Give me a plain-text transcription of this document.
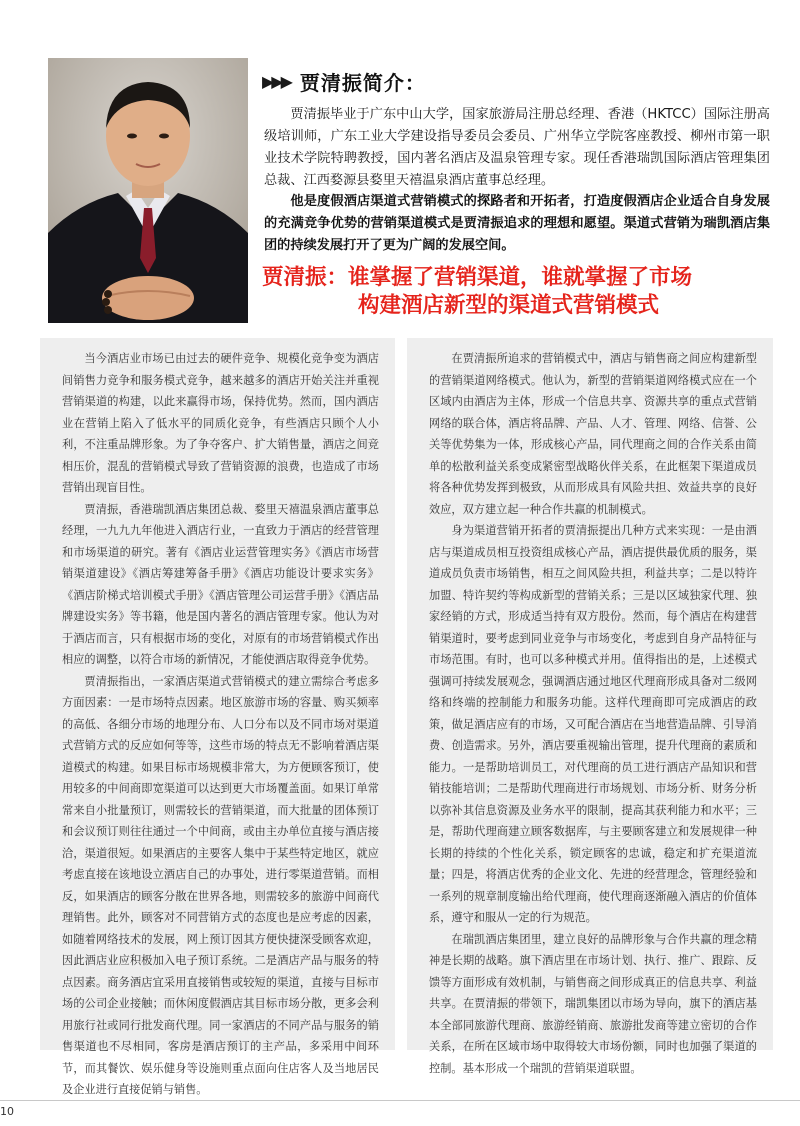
▶▶▶ 贾清振简介：

贾清振毕业于广东中山大学，国家旅游局注册总经理、香港（HKTCC）国际注册高级培训师，广东工业大学建设指导委员会委员、广州华立学院客座教授、柳州市第一职业技术学院特聘教授，国内著名酒店及温泉管理专家。现任香港瑞凯国际酒店管理集团总裁、江西婺源县婺里天禧温泉酒店董事总经理。

他是度假酒店渠道式营销模式的探路者和开拓者，打造度假酒店企业适合自身发展的充满竞争优势的营销渠道模式是贾清振追求的理想和愿望。渠道式营销为瑞凯酒店集团的持续发展打开了更为广阔的发展空间。

贾清振：谁掌握了营销渠道，谁就掌握了市场
构建酒店新型的渠道式营销模式

当今酒店业市场已由过去的硬件竞争、规模化竞争变为酒店间销售力竞争和服务模式竞争，越来越多的酒店开始关注并重视营销渠道的构建，以此来赢得市场，保持优势。然而，国内酒店业在营销上陷入了低水平的同质化竞争，有些酒店只顾个人小利，不注重品牌形象。为了争夺客户、扩大销售量，酒店之间竞相压价，混乱的营销模式导致了营销资源的浪费，也造成了市场营销出现盲目性。

贾清振，香港瑞凯酒店集团总裁、婺里天禧温泉酒店董事总经理，一九九九年他进入酒店行业，一直致力于酒店的经营管理和市场渠道的研究。著有《酒店业运营管理实务》《酒店市场营销渠道建设》《酒店筹建筹备手册》《酒店功能设计要求实务》《酒店阶梯式培训模式手册》《酒店管理公司运营手册》《酒店品牌建设实务》等书籍，他是国内著名的酒店管理专家。他认为对于酒店而言，只有根据市场的变化，对原有的市场营销模式作出相应的调整，以符合市场的新情况，才能使酒店取得竞争优势。

贾清振指出，一家酒店渠道式营销模式的建立需综合考虑多方面因素：一是市场特点因素。地区旅游市场的容量、购买频率的高低、各细分市场的地理分布、人口分布以及不同市场对渠道式营销方式的反应如何等等，这些市场的特点无不影响着酒店渠道模式的构建。如果目标市场规模非常大，为方便顾客预订，使用较多的中间商即宽渠道可以达到更大市场覆盖面。如果订单常常来自小批量预订，则需较长的营销渠道，而大批量的团体预订和会议预订则往往通过一个中间商，或由主办单位直接与酒店接洽，渠道很短。如果酒店的主要客人集中于某些特定地区，就应考虑直接在该地设立酒店自己的办事处，进行零渠道营销。而相反，如果酒店的顾客分散在世界各地，则需较多的旅游中间商代理销售。此外，顾客对不同营销方式的态度也是应考虑的因素，如随着网络技术的发展，网上预订因其方便快捷深受顾客欢迎，因此酒店业应积极加入电子预订系统。二是酒店产品与服务的特点因素。商务酒店宜采用直接销售或较短的渠道，直接与目标市场的公司企业接触；而休闲度假酒店其目标市场分散，更多会利用旅行社或同行批发商代理。同一家酒店的不同产品与服务的销售渠道也不尽相同，客房是酒店预订的主产品，多采用中间环节，而其餐饮、娱乐健身等设施则重点面向住店客人及当地居民及企业进行直接促销与销售。

在贾清振所追求的营销模式中，酒店与销售商之间应构建新型的营销渠道网络模式。他认为，新型的营销渠道网络模式应在一个区域内由酒店为主体，形成一个信息共享、资源共享的重点式营销网络的联合体，酒店将品牌、产品、人才、管理、网络、信誉、公关等优势集为一体，形成核心产品，同代理商之间的合作关系由简单的松散利益关系变成紧密型战略伙伴关系，在此框架下渠道成员将各种优势发挥到极致，从而形成具有风险共担、效益共享的良好效应，双方建立起一种合作共赢的机制模式。

身为渠道营销开拓者的贾清振提出几种方式来实现：一是由酒店与渠道成员相互投资组成核心产品，酒店提供最优质的服务，渠道成员负责市场销售，相互之间风险共担，利益共享；二是以特许加盟、特许契约等构成新型的营销关系；三是以区域独家代理、独家经销的方式，形成适当持有双方股份。然而，每个酒店在构建营销渠道时，要考虑到同业竞争与市场变化，考虑到自身产品特征与市场范围。有时，也可以多种模式并用。值得指出的是，上述模式强调可持续发展观念，强调酒店通过地区代理商形成具备对二级网络和终端的控制能力和服务功能。这样代理商即可完成酒店的政策，做足酒店应有的市场，又可配合酒店在当地营造品牌、引导消费、创造需求。另外，酒店要重视输出管理，提升代理商的素质和能力。一是帮助培训员工，对代理商的员工进行酒店产品知识和营销技能培训；二是帮助代理商进行市场规划、市场分析、财务分析以弥补其信息资源及业务水平的限制，提高其获利能力和水平；三是，帮助代理商建立顾客数据库，与主要顾客建立和发展规律一种长期的持续的个性化关系，锁定顾客的忠诚，稳定和扩充渠道流量；四是，将酒店优秀的企业文化、先进的经营理念，管理经验和一系列的规章制度输出给代理商，使代理商逐渐融入酒店的价值体系，遵守和服从一定的行为规范。

在瑞凯酒店集团里，建立良好的品牌形象与合作共赢的理念精神是长期的战略。旗下酒店里在市场计划、执行、推广、跟踪、反馈等方面形成有效机制，与销售商之间形成真正的信息共享、利益共享。在贾清振的带领下，瑞凯集团以市场为导向，旗下的酒店基本全部同旅游代理商、旅游经销商、旅游批发商等建立密切的合作关系，在所在区域市场中取得较大市场份额，同时也加强了渠道的控制。基本形成一个瑞凯的营销渠道联盟。

10
